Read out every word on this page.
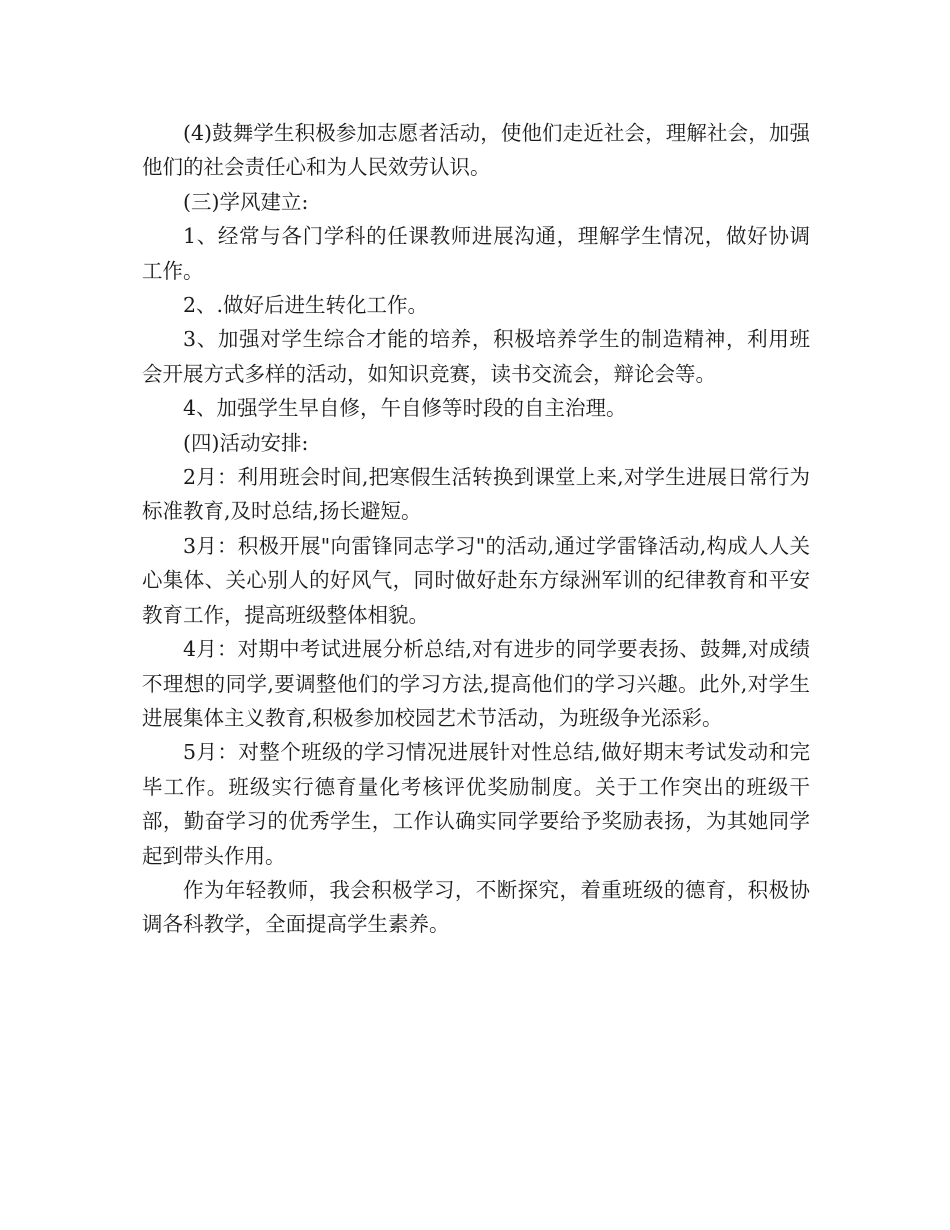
(4)鼓舞学生积极参加志愿者活动，使他们走近社会，理解社会，加强他们的社会责任心和为人民效劳认识。

(三)学风建立:

1、经常与各门学科的任课教师进展沟通，理解学生情况，做好协调工作。

2、.做好后进生转化工作。

3、加强对学生综合才能的培养，积极培养学生的制造精神，利用班会开展方式多样的活动，如知识竞赛，读书交流会，辩论会等。

4、加强学生早自修，午自修等时段的自主治理。

(四)活动安排:

2月：利用班会时间,把寒假生活转换到课堂上来,对学生进展日常行为标准教育,及时总结,扬长避短。

3月：积极开展"向雷锋同志学习"的活动,通过学雷锋活动,构成人人关心集体、关心别人的好风气，同时做好赴东方绿洲军训的纪律教育和平安教育工作，提高班级整体相貌。

4月：对期中考试进展分析总结,对有进步的同学要表扬、鼓舞,对成绩不理想的同学,要调整他们的学习方法,提高他们的学习兴趣。此外,对学生进展集体主义教育,积极参加校园艺术节活动，为班级争光添彩。

5月：对整个班级的学习情况进展针对性总结,做好期末考试发动和完毕工作。班级实行德育量化考核评优奖励制度。关于工作突出的班级干部，勤奋学习的优秀学生，工作认确实同学要给予奖励表扬，为其她同学起到带头作用。

作为年轻教师，我会积极学习，不断探究，着重班级的德育，积极协调各科教学，全面提高学生素养。
